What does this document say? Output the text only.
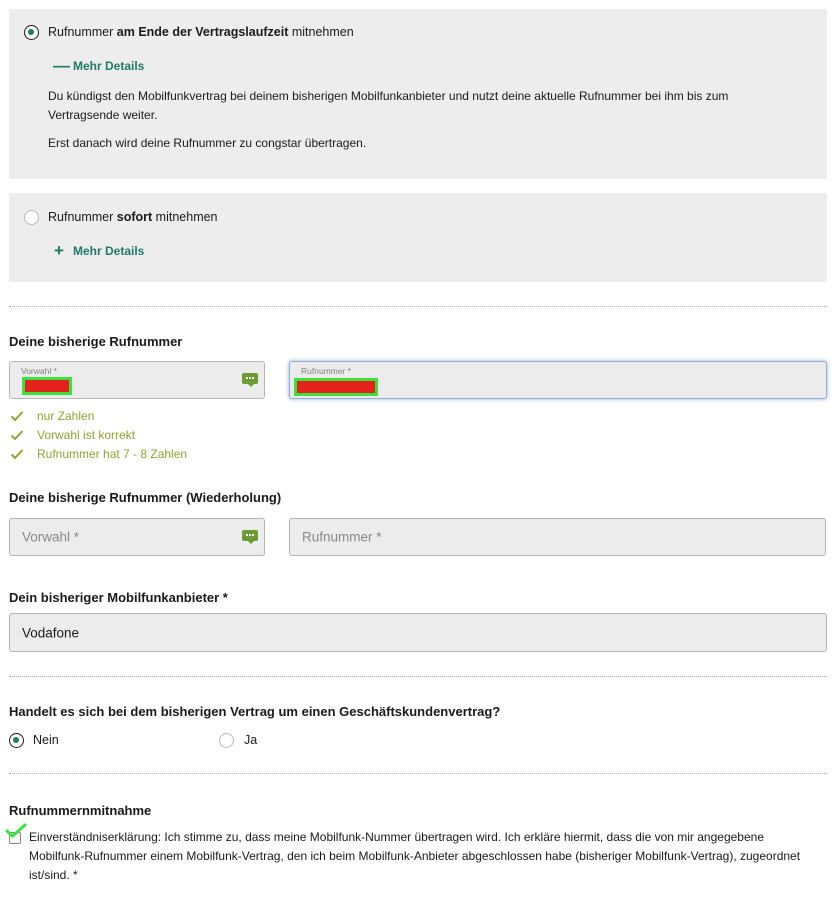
Rufnummer am Ende der Vertragslaufzeit mitnehmen
— Mehr Details
Du kündigst den Mobilfunkvertrag bei deinem bisherigen Mobilfunkanbieter und nutzt deine aktuelle Rufnummer bei ihm bis zum Vertragsende weiter.
Erst danach wird deine Rufnummer zu congstar übertragen.
Rufnummer sofort mitnehmen
+ Mehr Details
Deine bisherige Rufnummer
Vorwahl *	Rufnummer *
nur Zahlen
Vorwahl ist korrekt
Rufnummer hat 7 - 8 Zahlen
Deine bisherige Rufnummer (Wiederholung)
Vorwahl *	Rufnummer *
Dein bisheriger Mobilfunkanbieter *
Vodafone
Handelt es sich bei dem bisherigen Vertrag um einen Geschäftskundenvertrag?
Nein	Ja
Rufnummernmitnahme
Einverständniserklärung: Ich stimme zu, dass meine Mobilfunk-Nummer übertragen wird. Ich erkläre hiermit, dass die von mir angegebene Mobilfunk-Rufnummer einem Mobilfunk-Vertrag, den ich beim Mobilfunk-Anbieter abgeschlossen habe (bisheriger Mobilfunk-Vertrag), zugeordnet ist/sind. *
